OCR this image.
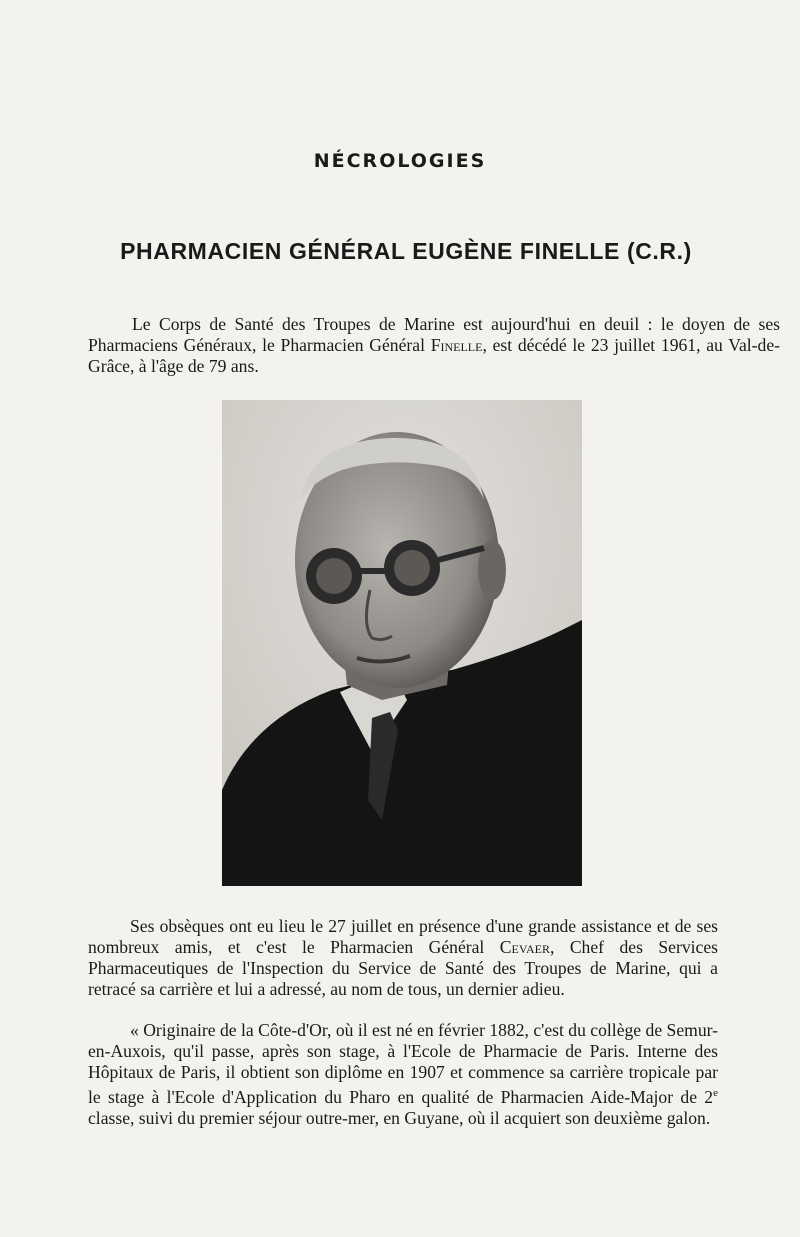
NÉCROLOGIES
PHARMACIEN GÉNÉRAL EUGÈNE FINELLE (C.R.)

Le Corps de Santé des Troupes de Marine est aujourd'hui en deuil : le doyen de ses Pharmaciens Généraux, le Pharmacien Général Finelle, est décédé le 23 juillet 1961, au Val-de-Grâce, à l'âge de 79 ans.

Ses obsèques ont eu lieu le 27 juillet en présence d'une grande assistance et de ses nombreux amis, et c'est le Pharmacien Général Cevaer, Chef des Services Pharmaceutiques de l'Inspection du Service de Santé des Troupes de Marine, qui a retracé sa carrière et lui a adressé, au nom de tous, un dernier adieu.

« Originaire de la Côte-d'Or, où il est né en février 1882, c'est du collège de Semur-en-Auxois, qu'il passe, après son stage, à l'Ecole de Pharmacie de Paris. Interne des Hôpitaux de Paris, il obtient son diplôme en 1907 et commence sa carrière tropicale par le stage à l'Ecole d'Application du Pharo en qualité de Pharmacien Aide-Major de 2e classe, suivi du premier séjour outre-mer, en Guyane, où il acquiert son deuxième galon.
